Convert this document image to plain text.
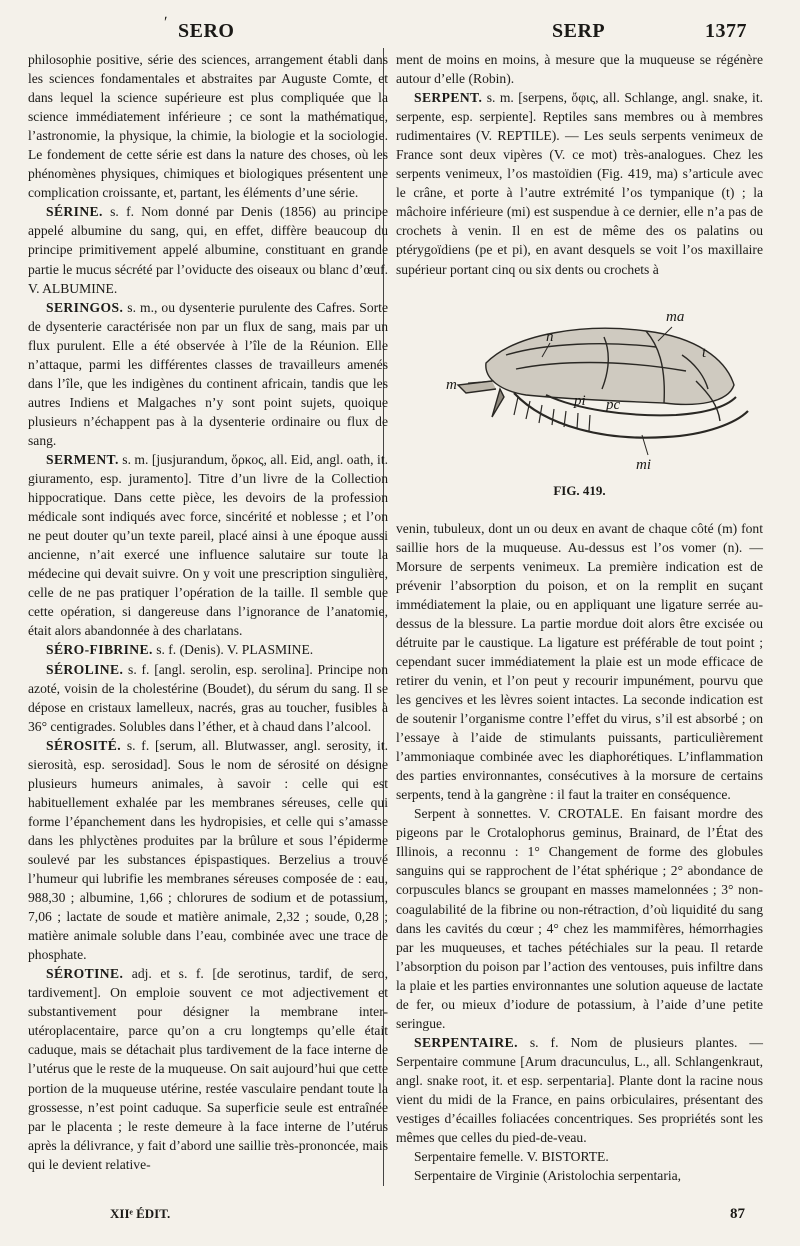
ʹ SERO	SERP	1377

philosophie positive, série des sciences, arrangement établi dans les sciences fondamentales et abstraites par Auguste Comte, et dans lequel la science supérieure est plus compliquée que la science immédiatement inférieure ; ce sont la mathématique, l’astronomie, la physique, la chimie, la biologie et la sociologie. Le fondement de cette série est dans la nature des choses, où les phénomènes physiques, chimiques et biologiques présentent une complication croissante, et, partant, les éléments d’une série.

SÉRINE. s. f. Nom donné par Denis (1856) au principe appelé albumine du sang, qui, en effet, diffère beaucoup du principe primitivement appelé albumine, constituant en grande partie le mucus sécrété par l’oviducte des oiseaux ou blanc d’œuf. V. ALBUMINE.

SERINGOS. s. m., ou dysenterie purulente des Cafres. Sorte de dysenterie caractérisée non par un flux de sang, mais par un flux purulent. Elle a été observée à l’île de la Réunion. Elle n’attaque, parmi les différentes classes de travailleurs amenés dans l’île, que les indigènes du continent africain, tandis que les autres Indiens et Malgaches n’y sont point sujets, quoique plusieurs n’échappent pas à la dysenterie ordinaire ou flux de sang.

SERMENT. s. m. [jusjurandum, ὅρκος, all. Eid, angl. oath, it. giuramento, esp. juramento]. Titre d’un livre de la Collection hippocratique. Dans cette pièce, les devoirs de la profession médicale sont indiqués avec force, sincérité et noblesse ; et l’on ne peut douter qu’un texte pareil, placé ainsi à une époque aussi ancienne, n’ait exercé une influence salutaire sur toute la médecine qui devait suivre. On y voit une prescription singulière, celle de ne pas pratiquer l’opération de la taille. Il semble que cette opération, si dangereuse dans l’ignorance de l’anatomie, était alors abandonnée à des charlatans.

SÉRO-FIBRINE. s. f. (Denis). V. PLASMINE.

SÉROLINE. s. f. [angl. serolin, esp. serolina]. Principe non azoté, voisin de la cholestérine (Boudet), du sérum du sang. Il se dépose en cristaux lamelleux, nacrés, gras au toucher, fusibles à 36° centigrades. Solubles dans l’éther, et à chaud dans l’alcool.

SÉROSITÉ. s. f. [serum, all. Blutwasser, angl. serosity, it. sierosità, esp. serosidad]. Sous le nom de sérosité on désigne plusieurs humeurs animales, à savoir : celle qui est habituellement exhalée par les membranes séreuses, celle qui forme l’épanchement dans les hydropisies, et celle qui s’amasse dans les phlyctènes produites par la brûlure et sous l’épiderme soulevé par les substances épispastiques. Berzelius a trouvé l’humeur qui lubrifie les membranes séreuses composée de : eau, 988,30 ; albumine, 1,66 ; chlorures de sodium et de potassium, 7,06 ; lactate de soude et matière animale, 2,32 ; soude, 0,28 ; matière animale soluble dans l’eau, combinée avec une trace de phosphate.

SÉROTINE. adj. et s. f. [de serotinus, tardif, de sero, tardivement]. On emploie souvent ce mot adjectivement et substantivement pour désigner la membrane inter-utéroplacentaire, parce qu’on a cru longtemps qu’elle était caduque, mais se détachait plus tardivement de la face interne de l’utérus que le reste de la muqueuse. On sait aujourd’hui que cette portion de la muqueuse utérine, restée vasculaire pendant toute la grossesse, n’est point caduque. Sa superficie seule est entraînée par le placenta ; le reste demeure à la face interne de l’utérus après la délivrance, y fait d’abord une saillie très-prononcée, mais qui le devient relative-

ment de moins en moins, à mesure que la muqueuse se régénère autour d’elle (Robin).

SERPENT. s. m. [serpens, ὄφις, all. Schlange, angl. snake, it. serpente, esp. serpiente]. Reptiles sans membres ou à membres rudimentaires (V. REPTILE). — Les seuls serpents venimeux de France sont deux vipères (V. ce mot) très-analogues. Chez les serpents venimeux, l’os mastoïdien (Fig. 419, ma) s’articule avec le crâne, et porte à l’autre extrémité l’os tympanique (t) ; la mâchoire inférieure (mi) est suspendue à ce dernier, elle n’a pas de crochets à venin. Il en est de même des os palatins ou ptérygoïdiens (pe et pi), en avant desquels se voit l’os maxillaire supérieur portant cinq ou six dents ou crochets à

ma
n
t
m
pi pc
mi
FIG. 419.

venin, tubuleux, dont un ou deux en avant de chaque côté (m) font saillie hors de la muqueuse. Au-dessus est l’os vomer (n). — Morsure de serpents venimeux. La première indication est de prévenir l’absorption du poison, et on la remplit en suçant immédiatement la plaie, ou en appliquant une ligature serrée au-dessus de la blessure. La partie mordue doit alors être excisée ou détruite par le caustique. La ligature est préférable de tout point ; cependant sucer immédiatement la plaie est un mode efficace de retirer du venin, et l’on peut y recourir impunément, pourvu que les gencives et les lèvres soient intactes. La seconde indication est de soutenir l’organisme contre l’effet du virus, s’il est absorbé ; on l’essaye à l’aide de stimulants puissants, particulièrement l’ammoniaque combinée avec les diaphorétiques. L’inflammation des parties environnantes, consécutives à la morsure de certains serpents, tend à la gangrène : il faut la traiter en conséquence.

Serpent à sonnettes. V. CROTALE. En faisant mordre des pigeons par le Crotalophorus geminus, Brainard, de l’État des Illinois, a reconnu : 1° Changement de forme des globules sanguins qui se rapprochent de l’état sphérique ; 2° abondance de corpuscules blancs se groupant en masses mamelonnées ; 3° non-coagulabilité de la fibrine ou non-rétraction, d’où liquidité du sang dans les cavités du cœur ; 4° chez les mammifères, hémorrhagies par les muqueuses, et taches pétéchiales sur la peau. Il retarde l’absorption du poison par l’action des ventouses, puis infiltre dans la plaie et les parties environnantes une solution aqueuse de lactate de fer, ou mieux d’iodure de potassium, à l’aide d’une petite seringue.

SERPENTAIRE. s. f. Nom de plusieurs plantes. — Serpentaire commune [Arum dracunculus, L., all. Schlangenkraut, angl. snake root, it. et esp. serpentaria]. Plante dont la racine nous vient du midi de la France, en pains orbiculaires, présentant des vestiges d’écailles foliacées concentriques. Ses propriétés sont les mêmes que celles du pied-de-veau.

Serpentaire femelle. V. BISTORTE.

Serpentaire de Virginie (Aristolochia serpentaria,

XIIᵉ ÉDIT.	87
